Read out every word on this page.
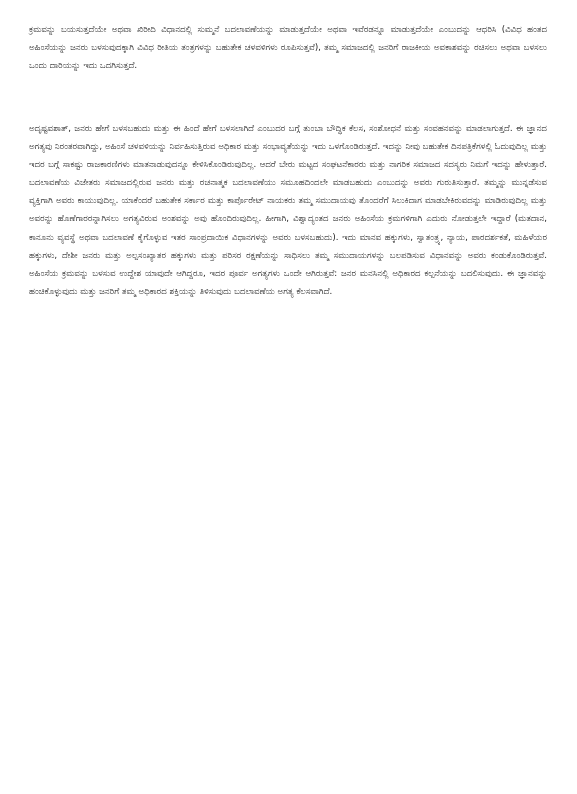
ಕ್ರಮವನ್ನು ಬಯಸುತ್ತದೆಯೇ ಅಥವಾ ಖಿರೀದಿ ವಿಧಾನದಲ್ಲಿ ಸುಮ್ಮನೆ ಬದಲಾವಣೆಯನ್ನು ಮಾಡುತ್ತದೆಯೇ ಅಥವಾ ಇವೆರಡನ್ನೂ ಮಾಡುತ್ತದೆಯೇ ಎಂಬುದನ್ನು ಆಧರಿಸಿ (ವಿವಿಧ ಹಂತದ ಅಹಿಂಸೆಯನ್ನು ಜನರು ಬಳಸುವುದಕ್ಕಾಗಿ ವಿವಿಧ ರೀತಿಯ ತಂತ್ರಗಳನ್ನು ಬಹುತೇಕ ಚಳವಳಿಗಳು ರೂಪಿಸುತ್ತವೆ), ತಮ್ಮ ಸಮಾಜದಲ್ಲಿ ಜನರಿಗೆ ರಾಜಕೀಯ ಅವಕಾಶವನ್ನು ರಚಿಸಲು ಅಥವಾ ಬಳಸಲು ಒಂದು ದಾರಿಯನ್ನು ಇದು ಒದಗಿಸುತ್ತದೆ.

ಅದೃಷ್ಟವಶಾತ್, ಜನರು ಹೇಗೆ ಬಳಸಬಹುದು ಮತ್ತು ಈ ಹಿಂದೆ ಹೇಗೆ ಬಳಸಲಾಗಿದೆ ಎಂಬುದರ ಬಗ್ಗೆ ತುಂಬಾ ಬೌದ್ಧಿಕ ಕೆಲಸ, ಸಂಶೋಧನೆ ಮತ್ತು ಸಂವಹನವನ್ನು ಮಾಡಲಾಗುತ್ತದೆ. ಈ ಜ್ಞಾನದ ಅಗತ್ಯವು ನಿರಂತರವಾಗಿದ್ದು, ಅಹಿಂಸೆ ಚಳವಳಿಯನ್ನು ನಿರ್ವಹಿಸುತ್ತಿರುವ ಅಧಿಕಾರ ಮತ್ತು ಸಂಭಾವ್ಯತೆಯನ್ನು ಇದು ಒಳಗೊಂಡಿರುತ್ತದೆ. ಇದನ್ನು ನೀವು ಬಹುತೇಕ ದಿನಪತ್ರಿಕೆಗಳಲ್ಲಿ ಓದುವುದಿಲ್ಲ ಮತ್ತು ಇದರ ಬಗ್ಗೆ ಸಾಕಷ್ಟು ರಾಜಕಾರಣಿಗಳು ಮಾತನಾಡುವುದನ್ನೂ ಕೇಳಿಸಿಕೊಂಡಿರುವುದಿಲ್ಲ. ಆದರೆ ಬೇರು ಮಟ್ಟದ ಸಂಘಟನೆಕಾರರು ಮತ್ತು ನಾಗರಿಕ ಸಮಾಜದ ಸದಸ್ಯರು ನಿಮಗೆ ಇದನ್ನು ಹೇಳುತ್ತಾರೆ. ಬದಲಾವಣೆಯ ವಿಜೇತರು ಸಮಾಜದಲ್ಲಿರುವ ಜನರು ಮತ್ತು ರಚನಾತ್ಮಕ ಬದಲಾವಣೆಯು ಸಮೂಹದಿಂದಲೇ ಮಾಡಬಹುದು ಎಂಬುದನ್ನು ಅವರು ಗುರುತಿಸುತ್ತಾರೆ. ತಮ್ಮನ್ನು ಮುನ್ನಡೆಸುವ ವ್ಯಕ್ತಿಗಾಗಿ ಅವರು ಕಾಯುವುದಿಲ್ಲ. ಯಾಕೆಂದರೆ ಬಹುತೇಕ ಸರ್ಕಾರ ಮತ್ತು ಕಾರ್ಪೊರೇಟ್ ನಾಯಕರು ತಮ್ಮ ಸಮುದಾಯವು ತೊಂದರೆಗೆ ಸಿಲುಕಿದಾಗ ಮಾಡಬೇಕಿರುವದನ್ನು ಮಾಡಿರುವುದಿಲ್ಲ ಮತ್ತು ಅವರನ್ನು ಹೊಣೆಗಾರರನ್ನಾಗಿಸಲು ಅಗತ್ಯವಿರುವ ಅಂಶವನ್ನು ಅವು ಹೊಂದಿರುವುದಿಲ್ಲ. ಹೀಗಾಗಿ, ವಿಶ್ವಾದ್ಯಂತದ ಜನರು ಅಹಿಂಸೆಯ ಕ್ರಮಗಳಿಗಾಗಿ ಎದುರು ನೋಡುತ್ತಲೇ ಇದ್ದಾರೆ (ಮತದಾನ, ಕಾನೂನು ವ್ಯವಸ್ಥೆ ಅಥವಾ ಬದಲಾವಣೆ ಕೈಗೊಳ್ಳುವ ಇತರ ಸಾಂಪ್ರದಾಯಿಕ ವಿಧಾನಗಳನ್ನು ಅವರು ಬಳಸಬಹುದು). ಇದು ಮಾನವ ಹಕ್ಕುಗಳು, ಸ್ವಾತಂತ್ರ್ಯ, ನ್ಯಾಯ, ಪಾರದರ್ಶಕತೆ, ಮಹಿಳೆಯರ ಹಕ್ಕುಗಳು, ದೇಶೀ ಜನರು ಮತ್ತು ಅಲ್ಪಸಂಖ್ಯಾತರ ಹಕ್ಕುಗಳು ಮತ್ತು ಪರಿಸರ ರಕ್ಷಣೆಯನ್ನು ಸಾಧಿಸಲು ತಮ್ಮ ಸಮುದಾಯಗಳನ್ನು ಬಲಪಡಿಸುವ ವಿಧಾನವನ್ನು ಅವರು ಕಂಡುಕೊಂಡಿರುತ್ತವೆ. ಅಹಿಂಸೆಯ ಕ್ರಮವನ್ನು ಬಳಸುವ ಉದ್ದೇಶ ಯಾವುದೇ ಆಗಿದ್ದರೂ, ಇದರ ಪೂರ್ವ ಅಗತ್ಯಗಳು ಒಂದೇ ಆಗಿರುತ್ತವೆ: ಜನರ ಮನಸಿನಲ್ಲಿ ಅಧಿಕಾರದ ಕಲ್ಪನೆಯನ್ನು ಬದಲಿಸುವುದು. ಈ ಜ್ಞಾನವನ್ನು ಹಂಚಿಕೊಳ್ಳುವುದು ಮತ್ತು ಜನರಿಗೆ ತಮ್ಮ ಅಧಿಕಾರದ ಶಕ್ತಿಯನ್ನು ತಿಳಿಸುವುದು ಬದಲಾವಣೆಯ ಅಗತ್ಯ ಕೆಲಸವಾಗಿದೆ.
